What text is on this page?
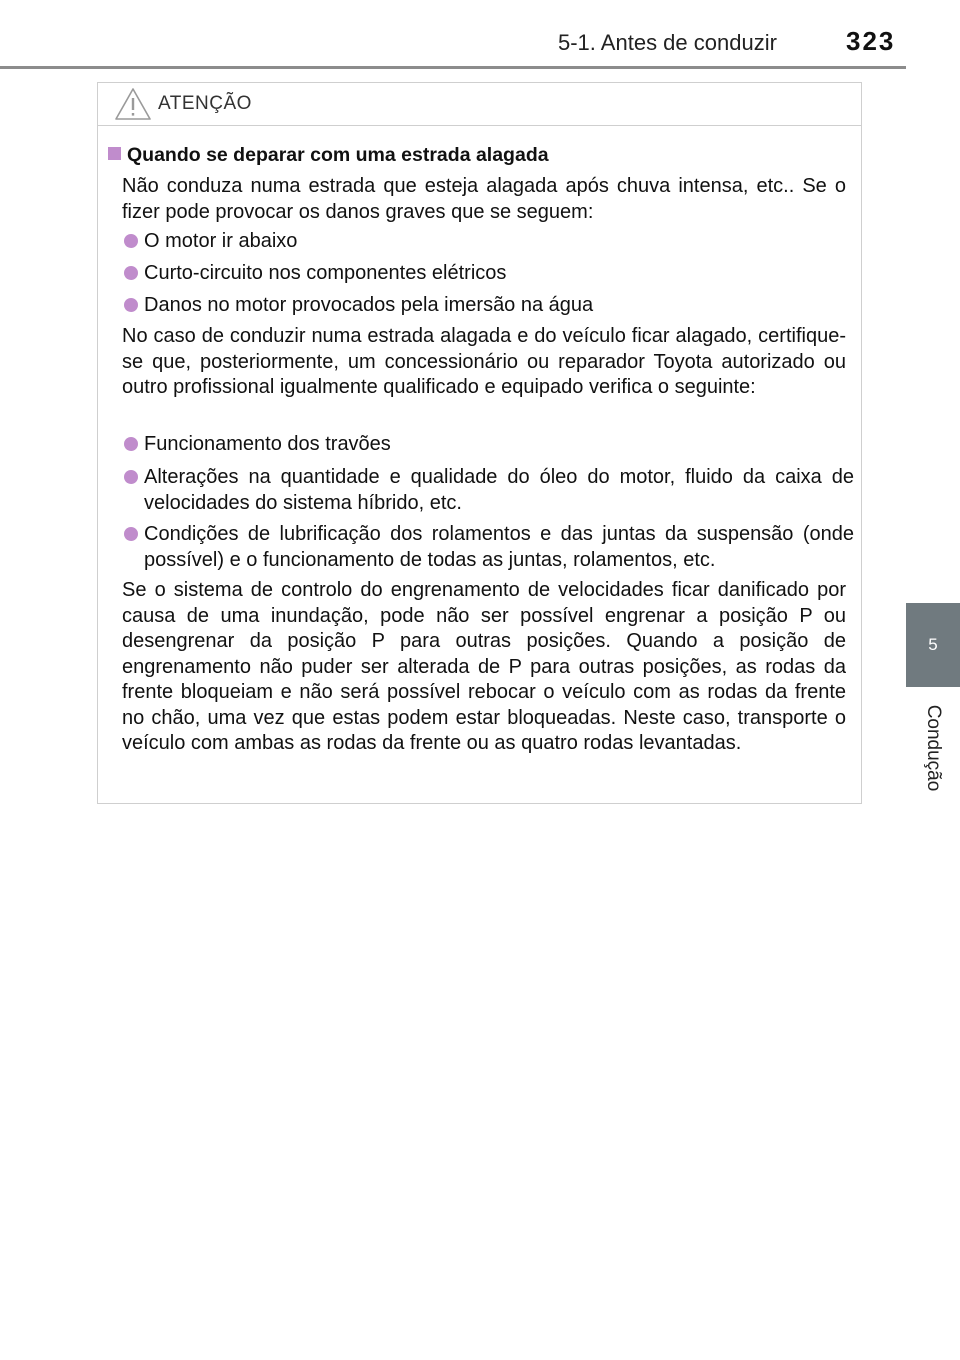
5-1. Antes de conduzir	323
5
Condução
ATENÇÃO
Quando se deparar com uma estrada alagada
Não conduza numa estrada que esteja alagada após chuva intensa, etc.. Se o fizer pode provocar os danos graves que se seguem:
O motor ir abaixo
Curto-circuito nos componentes elétricos
Danos no motor provocados pela imersão na água
No caso de conduzir numa estrada alagada e do veículo ficar alagado, certifique-se que, posteriormente, um concessionário ou reparador Toyota autorizado ou outro profissional igualmente qualificado e equipado verifica o seguinte:
Funcionamento dos travões
Alterações na quantidade e qualidade do óleo do motor, fluido da caixa de velocidades do sistema híbrido, etc.
Condições de lubrificação dos rolamentos e das juntas da suspensão (onde possível) e o funcionamento de todas as juntas, rolamentos, etc.
Se o sistema de controlo do engrenamento de velocidades ficar danificado por causa de uma inundação, pode não ser possível engrenar a posição P ou desengrenar da posição P para outras posições. Quando a posição de engrenamento não puder ser alterada de P para outras posições, as rodas da frente bloqueiam e não será possível rebocar o veículo com as rodas da frente no chão, uma vez que estas podem estar bloqueadas. Neste caso, transporte o veículo com ambas as rodas da frente ou as quatro rodas levantadas.
